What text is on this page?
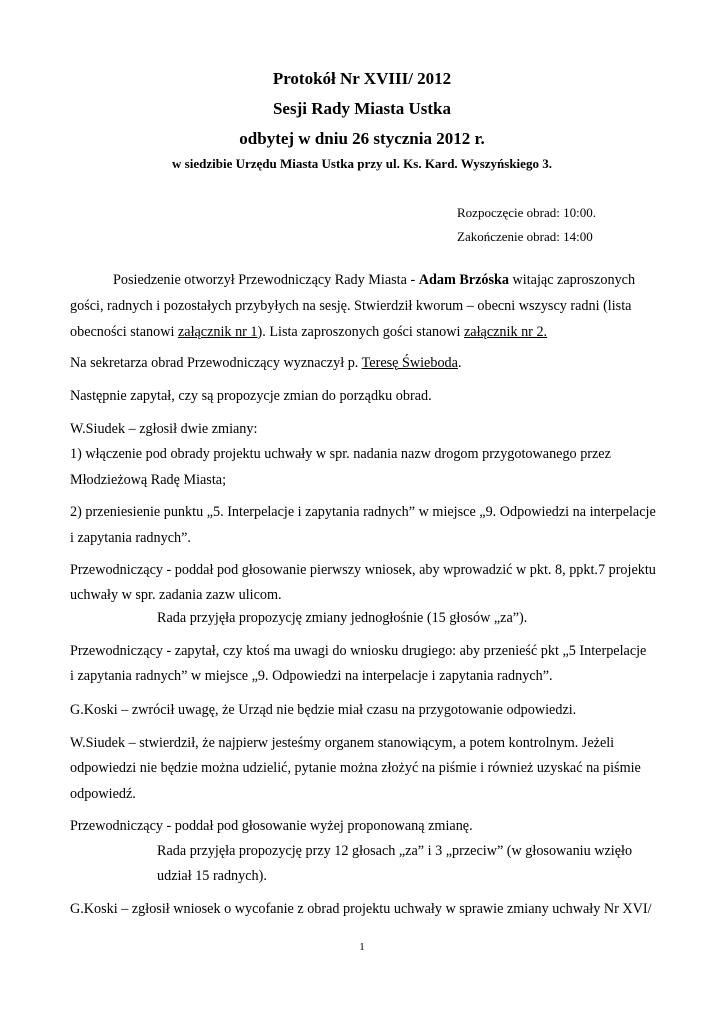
Protokół Nr XVIII/ 2012
Sesji Rady Miasta Ustka
odbytej w dniu 26 stycznia 2012 r.
w siedzibie Urzędu Miasta Ustka przy ul. Ks. Kard. Wyszyńskiego 3.
Rozpoczęcie obrad: 10:00.
Zakończenie obrad: 14:00
Posiedzenie otworzył Przewodniczący Rady Miasta - Adam Brzóska witając zaproszonych
gości, radnych i pozostałych przybyłych na sesję. Stwierdził kworum – obecni wszyscy radni (lista
obecności stanowi załącznik nr 1). Lista zaproszonych gości stanowi załącznik nr 2.
Na sekretarza obrad Przewodniczący wyznaczył p. Teresę Świeboda.
Następnie zapytał, czy są propozycje zmian do porządku obrad.
W.Siudek – zgłosił dwie zmiany:
1) włączenie pod obrady projektu uchwały w spr. nadania nazw drogom przygotowanego przez
Młodzieżową Radę Miasta;
2) przeniesienie punktu „5. Interpelacje i zapytania radnych” w miejsce „9. Odpowiedzi na interpelacje
i zapytania radnych”.
Przewodniczący - poddał pod głosowanie pierwszy wniosek, aby wprowadzić w pkt. 8, ppkt.7 projektu
uchwały w spr. zadania zazw ulicom.
Rada przyjęła propozycję zmiany jednogłośnie (15 głosów „za”).
Przewodniczący - zapytał, czy ktoś ma uwagi do wniosku drugiego: aby przenieść pkt „5 Interpelacje
i zapytania radnych” w miejsce „9. Odpowiedzi na interpelacje i zapytania radnych”.
G.Koski – zwrócił uwagę, że Urząd nie będzie miał czasu na przygotowanie odpowiedzi.
W.Siudek – stwierdził, że najpierw jesteśmy organem stanowiącym, a potem kontrolnym. Jeżeli
odpowiedzi nie będzie można udzielić, pytanie można złożyć na piśmie i również uzyskać na piśmie
odpowiedź.
Przewodniczący - poddał pod głosowanie wyżej proponowaną zmianę.
Rada przyjęła propozycję przy 12 głosach „za” i 3 „przeciw” (w głosowaniu wzięło
udział 15 radnych).
G.Koski – zgłosił wniosek o wycofanie z obrad projektu uchwały w sprawie zmiany uchwały Nr XVI/
1
